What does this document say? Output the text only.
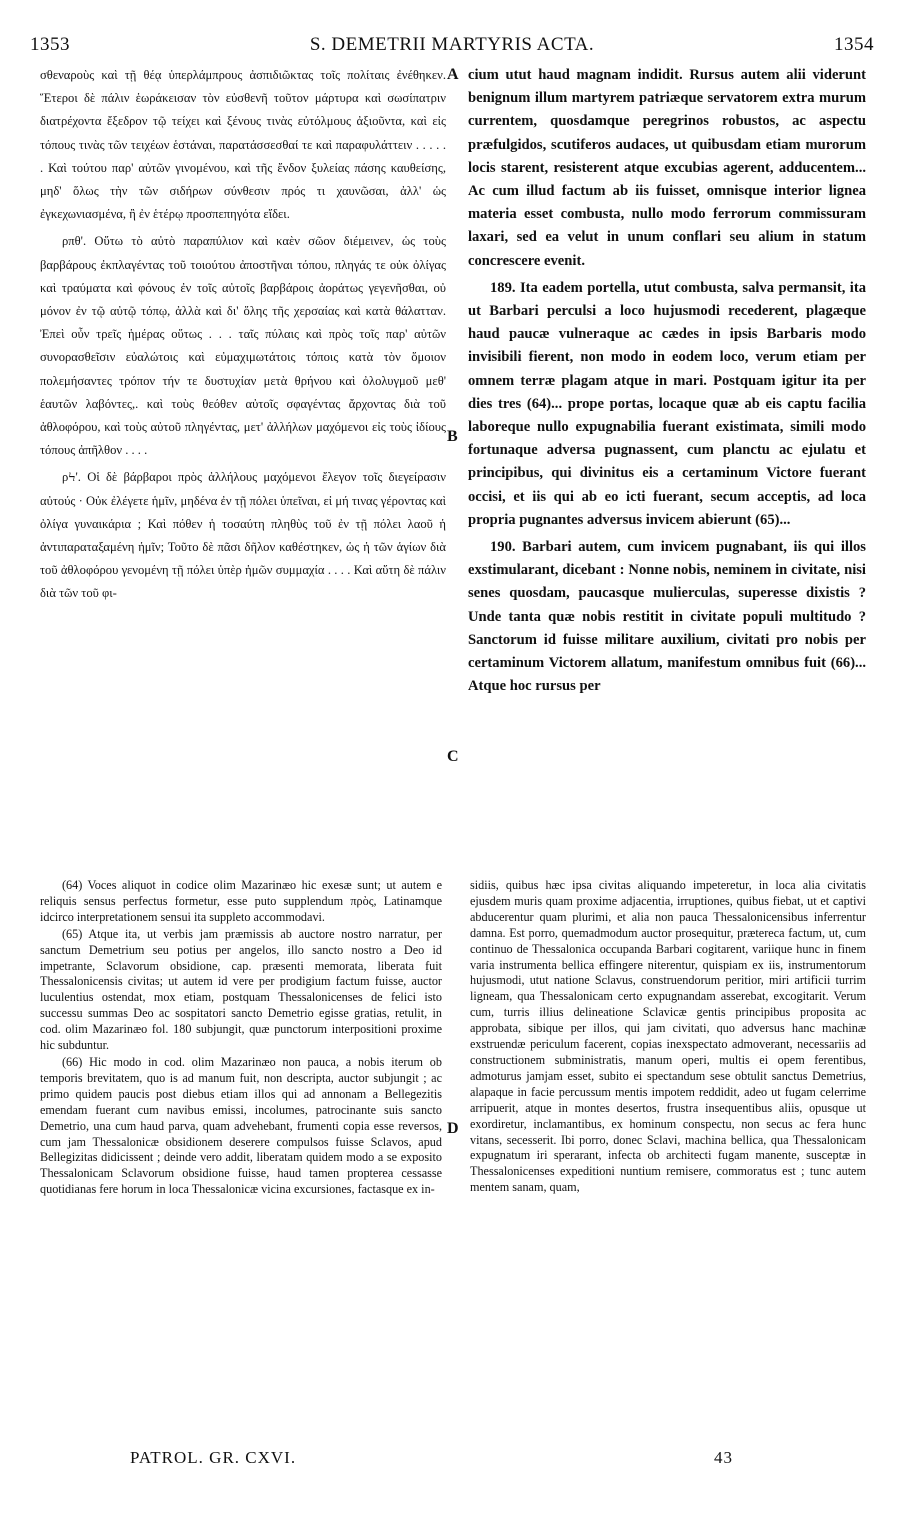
1353	S. DEMETRII MARTYRIS ACTA.	1354

σθεναροὺς καὶ τῇ θέᾳ ὑπερλάμπρους ἀσπιδιῶκτας τοῖς πολίταις ἐνέθηκεν. Ἕτεροι δὲ πάλιν ἑωράκεισαν τὸν εὐσθενῆ τοῦτον μάρτυρα καὶ σωσίπατριν διατρέχοντα ἔξεδρον τῷ τείχει καὶ ξένους τινὰς εὐτόλμους ἀξιοῦντα, καὶ εἰς τόπους τινὰς τῶν τειχέων ἑστάναι, παρατάσσεσθαί τε καὶ παραφυλάττειν . . . . . . Καὶ τούτου παρ' αὐτῶν γινομένου, καὶ τῆς ἔνδον ξυλείας πάσης καυθείσης, μηδ' ὅλως τὴν τῶν σιδήρων σύνθεσιν πρός τι χαυνῶσαι, ἀλλ' ὡς ἐγκεχωνιασμένα, ἢ ἐν ἑτέρῳ προσπεπηγότα εἴδει.

ρπθ'. Οὕτω τὸ αὐτὸ παραπύλιον καὶ καὲν σῶον διέμεινεν, ὡς τοὺς βαρβάρους ἐκπλαγέντας τοῦ τοιούτου ἀποστῆναι τόπου, πληγάς τε οὐκ ὀλίγας καὶ τραύματα καὶ φόνους ἐν τοῖς αὐτοῖς βαρβάροις ἀοράτως γεγενῆσθαι, οὐ μόνον ἐν τῷ αὐτῷ τόπῳ, ἀλλὰ καὶ δι' ὅλης τῆς χερσαίας καὶ κατὰ θάλατταν. Ἐπεὶ οὖν τρεῖς ἡμέρας οὕτως . . . ταῖς πύλαις καὶ πρὸς τοῖς παρ' αὐτῶν συνορασθεῖσιν εὐαλώτοις καὶ εὐμαχιμωτάτοις τόποις κατὰ τὸν ὅμοιον πολεμήσαντες τρόπον τήν τε δυστυχίαν μετὰ θρήνου καὶ ὀλολυγμοῦ μεθ' ἑαυτῶν λαβόντες,. καὶ τοὺς θεόθεν αὐτοῖς σφαγέντας ἄρχοντας διὰ τοῦ ἀθλοφόρου, καὶ τοὺς αὐτοῦ πληγέντας, μετ' ἀλλήλων μαχόμενοι εἰς τοὺς ἰδίους τόπους ἀπῆλθον . . . .

ρϞ'. Οἱ δὲ βάρβαροι πρὸς ἀλλήλους μαχόμενοι ἔλεγον τοῖς διεγείρασιν αὐτούς · Οὐκ ἐλέγετε ἡμῖν, μηδένα ἐν τῇ πόλει ὑπεῖναι, εἰ μή τινας γέροντας καὶ ὀλίγα γυναικάρια ; Καὶ πόθεν ἡ τοσαύτη πληθὺς τοῦ ἐν τῇ πόλει λαοῦ ἡ ἀντιπαραταξαμένη ἡμῖν; Τοῦτο δὲ πᾶσι δῆλον καθέστηκεν, ὡς ἡ τῶν ἁγίων διὰ τοῦ ἀθλοφόρου γενομένη τῇ πόλει ὑπὲρ ἡμῶν συμμαχία . . . . Καὶ αὕτη δὲ πάλιν διὰ τῶν τοῦ φι-

A
B
C
D

cium utut haud magnam indidit. Rursus autem alii viderunt benignum illum martyrem patriæque servatorem extra murum currentem, quosdamque peregrinos robustos, ac aspectu præfulgidos, scutiferos audaces, ut quibusdam etiam murorum locis starent, resisterent atque excubias agerent, adducentem... Ac cum illud factum ab iis fuisset, omnisque interior lignea materia esset combusta, nullo modo ferrorum commissuram laxari, sed ea velut in unum conflari seu alium in statum concrescere evenit.

189. Ita eadem portella, utut combusta, salva permansit, ita ut Barbari perculsi a loco hujusmodi recederent, plagæque haud paucæ vulneraque ac cædes in ipsis Barbaris modo invisibili fierent, non modo in eodem loco, verum etiam per omnem terræ plagam atque in mari. Postquam igitur ita per dies tres (64)... prope portas, locaque quæ ab eis captu facilia laboreque nullo expugnabilia fuerant existimata, simili modo fortunaque adversa pugnassent, cum planctu ac ejulatu et principibus, qui divinitus eis a certaminum Victore fuerant occisi, et iis qui ab eo icti fuerant, secum acceptis, ad loca propria pugnantes adversus invicem abierunt (65)...

190. Barbari autem, cum invicem pugnabant, iis qui illos exstimularant, dicebant : Nonne nobis, neminem in civitate, nisi senes quosdam, paucasque mulierculas, superesse dixistis ? Unde tanta quæ nobis restitit in civitate populi multitudo ? Sanctorum id fuisse militare auxilium, civitati pro nobis per certaminum Victorem allatum, manifestum omnibus fuit (66)... Atque hoc rursus per

(64) Voces aliquot in codice olim Mazarinæo hic exesæ sunt; ut autem e reliquis sensus perfectus formetur, esse puto supplendum πρὸς, Latinamque idcirco interpretationem sensui ita suppleto accommodavi.

(65) Atque ita, ut verbis jam præmissis ab auctore nostro narratur, per sanctum Demetrium seu potius per angelos, illo sancto nostro a Deo id impetrante, Sclavorum obsidione, cap. præsenti memorata, liberata fuit Thessalonicensis civitas; ut autem id vere per prodigium factum fuisse, auctor luculentius ostendat, mox etiam, postquam Thessalonicenses de felici isto successu summas Deo ac sospitatori sancto Demetrio egisse gratias, retulit, in cod. olim Mazarinæo fol. 180 subjungit, quæ punctorum interpositioni proxime hic subduntur.

(66) Hic modo in cod. olim Mazarinæo non pauca, a nobis iterum ob temporis brevitatem, quo is ad manum fuit, non descripta, auctor subjungit ; ac primo quidem paucis post diebus etiam illos qui ad annonam a Bellegezitis emendam fuerant cum navibus emissi, incolumes, patrocinante suis sancto Demetrio, una cum haud parva, quam advehebant, frumenti copia esse reversos, cum jam Thessalonicæ obsidionem deserere compulsos fuisse Sclavos, apud Bellegizitas didicissent ; deinde vero addit, liberatam quidem modo a se exposito Thessalonicam Sclavorum obsidione fuisse, haud tamen propterea cessasse quotidianas fere horum in loca Thessalonicæ vicina excursiones, factasque ex in-

sidiis, quibus hæc ipsa civitas aliquando impeteretur, in loca alia civitatis ejusdem muris quam proxime adjacentia, irruptiones, quibus fiebat, ut et captivi abducerentur quam plurimi, et alia non pauca Thessalonicensibus inferrentur damna. Est porro, quemadmodum auctor prosequitur, prætereca factum, ut, cum continuo de Thessalonica occupanda Barbari cogitarent, variique hunc in finem varia instrumenta bellica effingere niterentur, quispiam ex iis, instrumentorum hujusmodi, utut natione Sclavus, construendorum peritior, miri artificii turrim ligneam, qua Thessalonicam certo expugnandam asserebat, excogitarit. Verum cum, turris illius delineatione Sclavicæ gentis principibus proposita ac approbata, sibique per illos, qui jam civitati, quo adversus hanc machinæ exstruendæ periculum facerent, copias inexspectato admoverant, necessariis ad constructionem subministratis, manum operi, multis ei opem ferentibus, admoturus jamjam esset, subito ei spectandum sese obtulit sanctus Demetrius, alapaque in facie percussum mentis impotem reddidit, adeo ut fugam celerrime arripuerit, atque in montes desertos, frustra insequentibus aliis, opusque ut exordiretur, inclamantibus, ex hominum conspectu, non secus ac fera hunc vitans, secesserit. Ibi porro, donec Sclavi, machina bellica, qua Thessalonicam expugnatum iri sperarant, infecta ob architecti fugam manente, susceptæ in Thessalonicenses expeditioni nuntium remisere, commoratus est ; tunc autem mentem sanam, quam,

PATROL. GR. CXVI.	43
